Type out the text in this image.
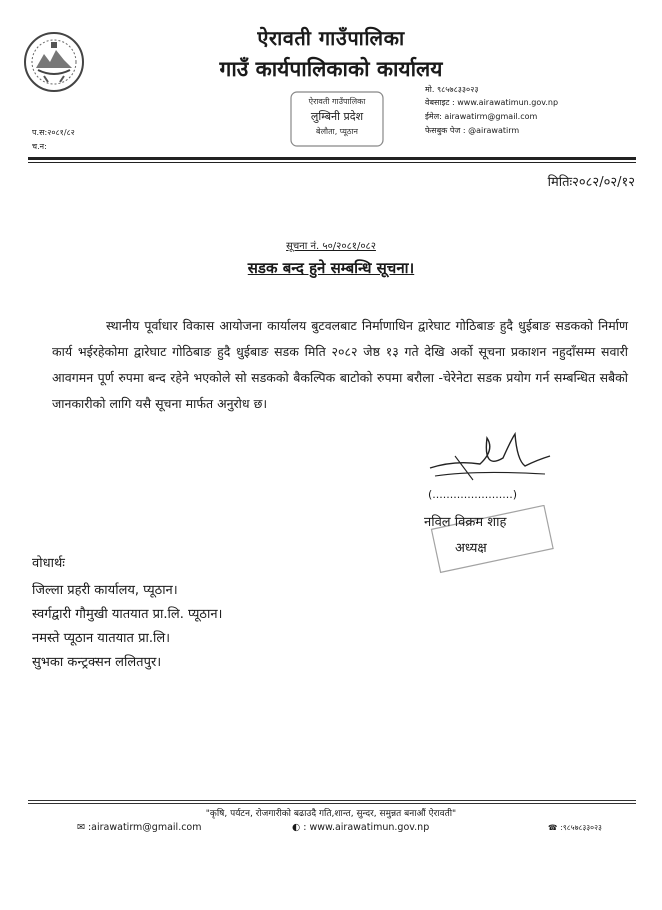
ऐरावती गाउँपालिका
गाउँ कार्यपालिकाको कार्यालय
मो. ९८५७८३३०२३
वेबसाइट : www.airawatimun.gov.np
ईमेल: airawatirm@gmail.com
फेसबुक पेज : @airawatirm
प.स:२०८१/८२
च.न:
ऐरावती गाउँपालिका
लुम्बिनी प्रदेश
बेलौता, प्यूठान
मितिः२०८२/०२/१२
सूचना नं. ५०/२०८१/०८२
सडक बन्द हुने सम्बन्धि सूचना।
स्थानीय पूर्वाधार विकास आयोजना कार्यालय बुटवलबाट निर्माणाधिन द्वारेघाट गोठिबाङ हुदै धुईबाङ सडकको निर्माण कार्य भईरहेकोमा द्वारेघाट गोठिबाङ हुदै धुईबाङ सडक मिति २०८२ जेष्ठ १३ गते देखि अर्को सूचना प्रकाशन नहुदाँसम्म सवारी आवगमन पूर्ण रुपमा बन्द रहेने भएकोले सो सडकको बैकल्पिक बाटोको रुपमा बरौला -चेरेनेटा सडक प्रयोग गर्न सम्बन्धित सबैको जानकारीको लागि यसै सूचना मार्फत अनुरोध छ।
(.......................)
नविल विक्रम शाह
अध्यक्ष
वोधार्थः
जिल्ला प्रहरी कार्यालय, प्यूठान।
स्वर्गद्वारी गौमुखी यातयात प्रा.लि. प्यूठान।
नमस्ते प्यूठान यातयात प्रा.लि।
सुभका कन्ट्रक्सन ललितपुर।
"कृषि, पर्यटन, रोजगारीको बढाउदै गति,शान्त, सुन्दर, समुन्नत बनाऔं ऐरावती"
✉ :airawatirm@gmail.com	◐ : www.airawatimun.gov.np	☎ :९८५७८३३०२३
